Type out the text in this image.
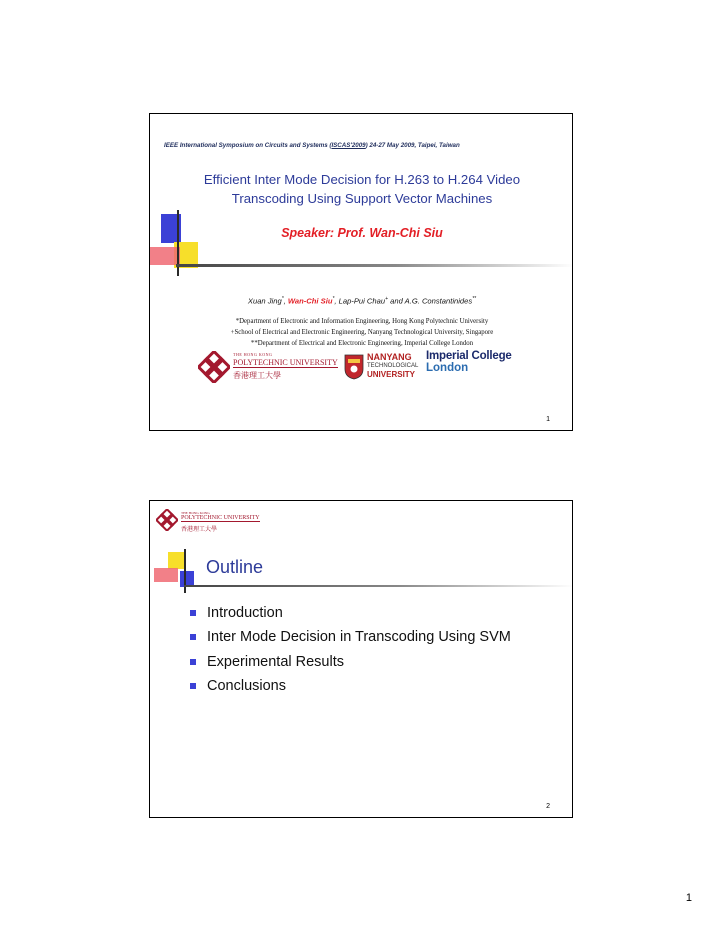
IEEE International Symposium on Circuits and Systems (ISCAS'2009) 24-27 May 2009, Taipei, Taiwan
Efficient Inter Mode Decision for H.263 to H.264 Video
Transcoding Using Support Vector Machines
Speaker: Prof. Wan-Chi Siu
Xuan Jing*, Wan-Chi Siu*, Lap-Pui Chau+ and A.G. Constantinides**
*Department of Electronic and Information Engineering, Hong Kong Polytechnic University
+School of Electrical and Electronic Engineering, Nanyang Technological University, Singapore
**Department of Electrical and Electronic Engineering, Imperial College London
THE HONG KONG
POLYTECHNIC UNIVERSITY
香港理工大學
NANYANG
TECHNOLOGICAL
UNIVERSITY
Imperial College
London
1
THE HONG KONG
POLYTECHNIC UNIVERSITY
香港理工大學
Outline
Introduction
Inter Mode Decision in Transcoding Using SVM
Experimental Results
Conclusions
2
1
